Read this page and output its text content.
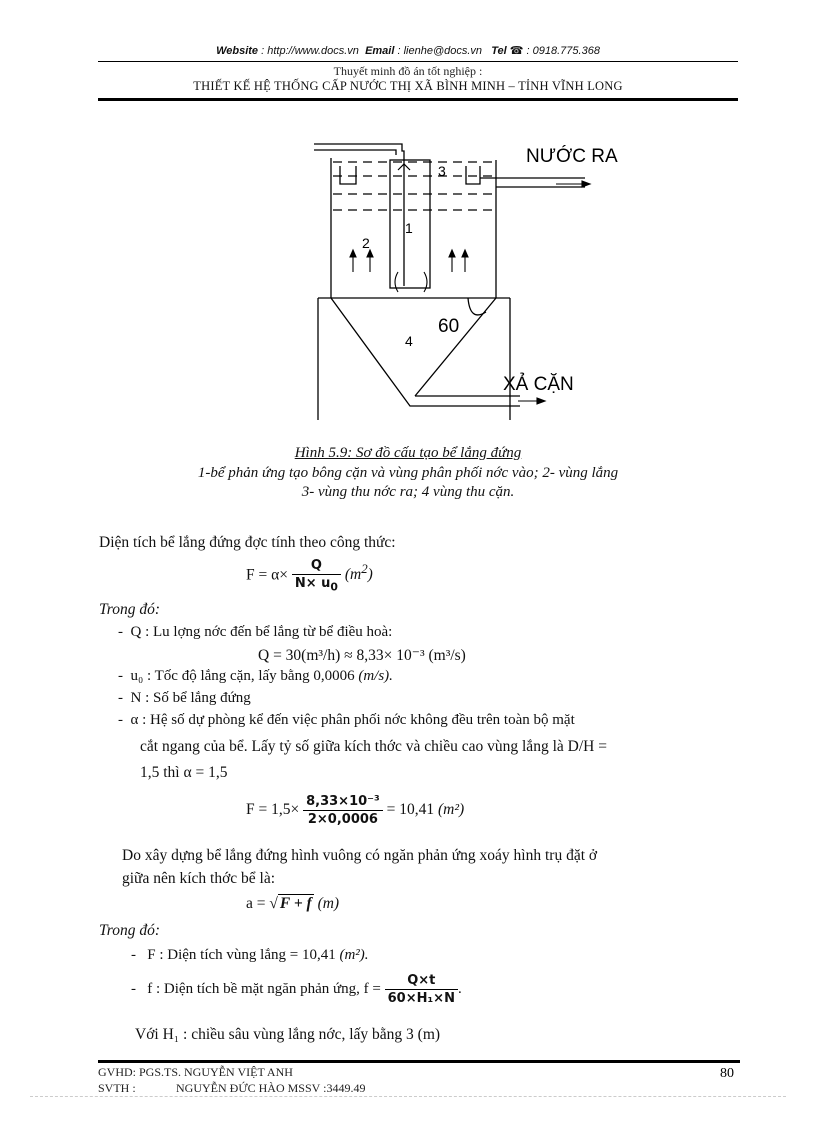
Website : http://www.docs.vn Email : lienhe@docs.vn Tel ☎ : 0918.775.368
Thuyết minh đồ án tốt nghiệp :
THIẾT KẾ HỆ THỐNG CẤP NƯỚC THỊ XÃ BÌNH MINH – TỈNH VĨNH LONG
NƯỚC RA
XẢ CẶN
1
2
3
4
60
Hình 5.9: Sơ đồ cấu tạo bể lắng đứng
1-bể phản ứng tạo bông cặn và vùng phân phối nớc vào; 2- vùng lắng
3- vùng thu nớc ra; 4 vùng thu cặn.
Diện tích bể lắng đứng đợc tính theo công thức:
$F = \alpha\times \frac{Q}{N\times u_0} (m^2)$
Trong đó:
-  Q : Lu lợng nớc đến bể lắng từ bể điều hoà:
Q = 30(m³/h) ≈ 8,33× 10⁻³ (m³/s)
-  u₀ : Tốc độ lắng cặn, lấy bằng 0,0006 (m/s).
-  N : Số bể lắng đứng
-  α : Hệ số dự phòng kể đến việc phân phối nớc không đều trên toàn bộ mặt
cắt ngang của bể. Lấy tỷ số giữa kích thớc và chiều cao vùng lắng là D/H =
1,5 thì α = 1,5
$F = 1,5\times \frac{\text{8,33×10⁻³}}{2\times 0,0006} = 10,41$ (m²)
Do xây dựng bể lắng đứng hình vuông có ngăn phản ứng xoáy hình trụ đặt ở
giữa nên kích thớc bể là:
a = √ F + f (m)
Trong đó:
-   F : Diện tích vùng lắng = 10,41 (m²).
-   f : Diện tích bề mặt ngăn phản ứng, $f = \frac{Q\times t}{\text{60×H₁×N}}$ .
Với H₁ : chiều sâu vùng lắng nớc, lấy bằng 3 (m)
GVHD: PGS.TS. NGUYỄN VIỆT ANH	80
SVTH :	NGUYỄN ĐỨC HÀO MSSV :3449.49
